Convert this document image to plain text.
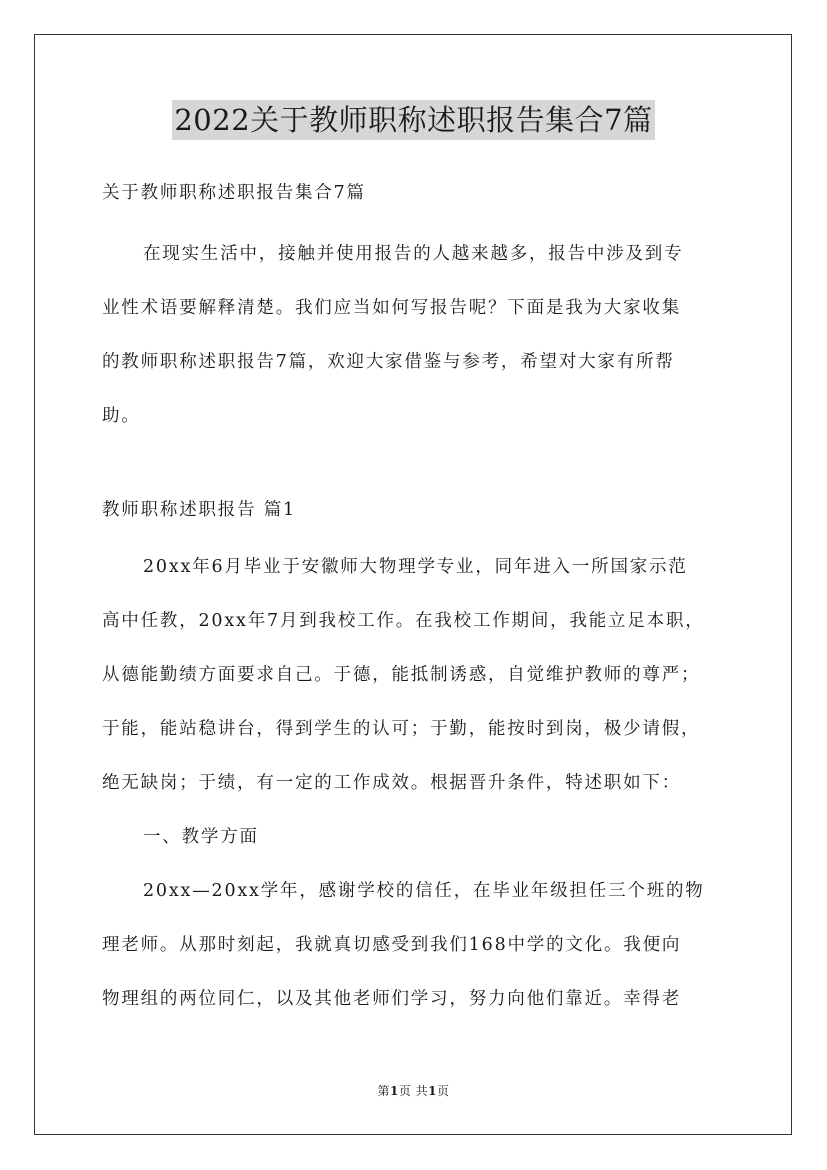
2022关于教师职称述职报告集合7篇
关于教师职称述职报告集合7篇
在现实生活中，接触并使用报告的人越来越多，报告中涉及到专
业性术语要解释清楚。我们应当如何写报告呢？下面是我为大家收集
的教师职称述职报告7篇，欢迎大家借鉴与参考，希望对大家有所帮
助。
教师职称述职报告 篇1
20xx年6月毕业于安徽师大物理学专业，同年进入一所国家示范
高中任教，20xx年7月到我校工作。在我校工作期间，我能立足本职，
从德能勤绩方面要求自己。于德，能抵制诱惑，自觉维护教师的尊严；
于能，能站稳讲台，得到学生的认可；于勤，能按时到岗，极少请假，
绝无缺岗；于绩，有一定的工作成效。根据晋升条件，特述职如下：
一、教学方面
20xx—20xx学年，感谢学校的信任，在毕业年级担任三个班的物
理老师。从那时刻起，我就真切感受到我们168中学的文化。我便向
物理组的两位同仁，以及其他老师们学习，努力向他们靠近。幸得老
第1页 共1页
